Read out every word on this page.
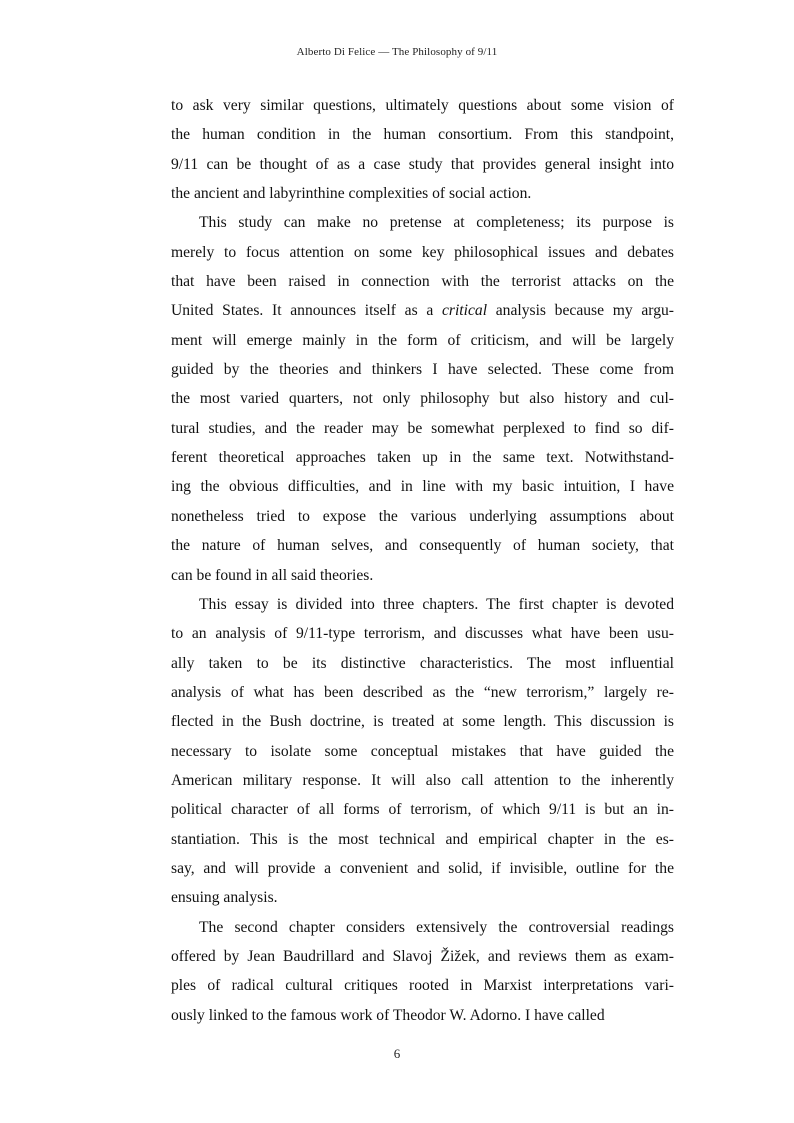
Alberto Di Felice — The Philosophy of 9/11
to ask very similar questions, ultimately questions about some vision of
the human condition in the human consortium. From this standpoint,
9/11 can be thought of as a case study that provides general insight into
the ancient and labyrinthine complexities of social action.
This study can make no pretense at completeness; its purpose is
merely to focus attention on some key philosophical issues and debates
that have been raised in connection with the terrorist attacks on the
United States. It announces itself as a critical analysis because my argu-
ment will emerge mainly in the form of criticism, and will be largely
guided by the theories and thinkers I have selected. These come from
the most varied quarters, not only philosophy but also history and cul-
tural studies, and the reader may be somewhat perplexed to find so dif-
ferent theoretical approaches taken up in the same text. Notwithstand-
ing the obvious difficulties, and in line with my basic intuition, I have
nonetheless tried to expose the various underlying assumptions about
the nature of human selves, and consequently of human society, that
can be found in all said theories.
This essay is divided into three chapters. The first chapter is devoted
to an analysis of 9/11-type terrorism, and discusses what have been usu-
ally taken to be its distinctive characteristics. The most influential
analysis of what has been described as the “new terrorism,” largely re-
flected in the Bush doctrine, is treated at some length. This discussion is
necessary to isolate some conceptual mistakes that have guided the
American military response. It will also call attention to the inherently
political character of all forms of terrorism, of which 9/11 is but an in-
stantiation. This is the most technical and empirical chapter in the es-
say, and will provide a convenient and solid, if invisible, outline for the
ensuing analysis.
The second chapter considers extensively the controversial readings
offered by Jean Baudrillard and Slavoj Žižek, and reviews them as exam-
ples of radical cultural critiques rooted in Marxist interpretations vari-
ously linked to the famous work of Theodor W. Adorno. I have called
6
